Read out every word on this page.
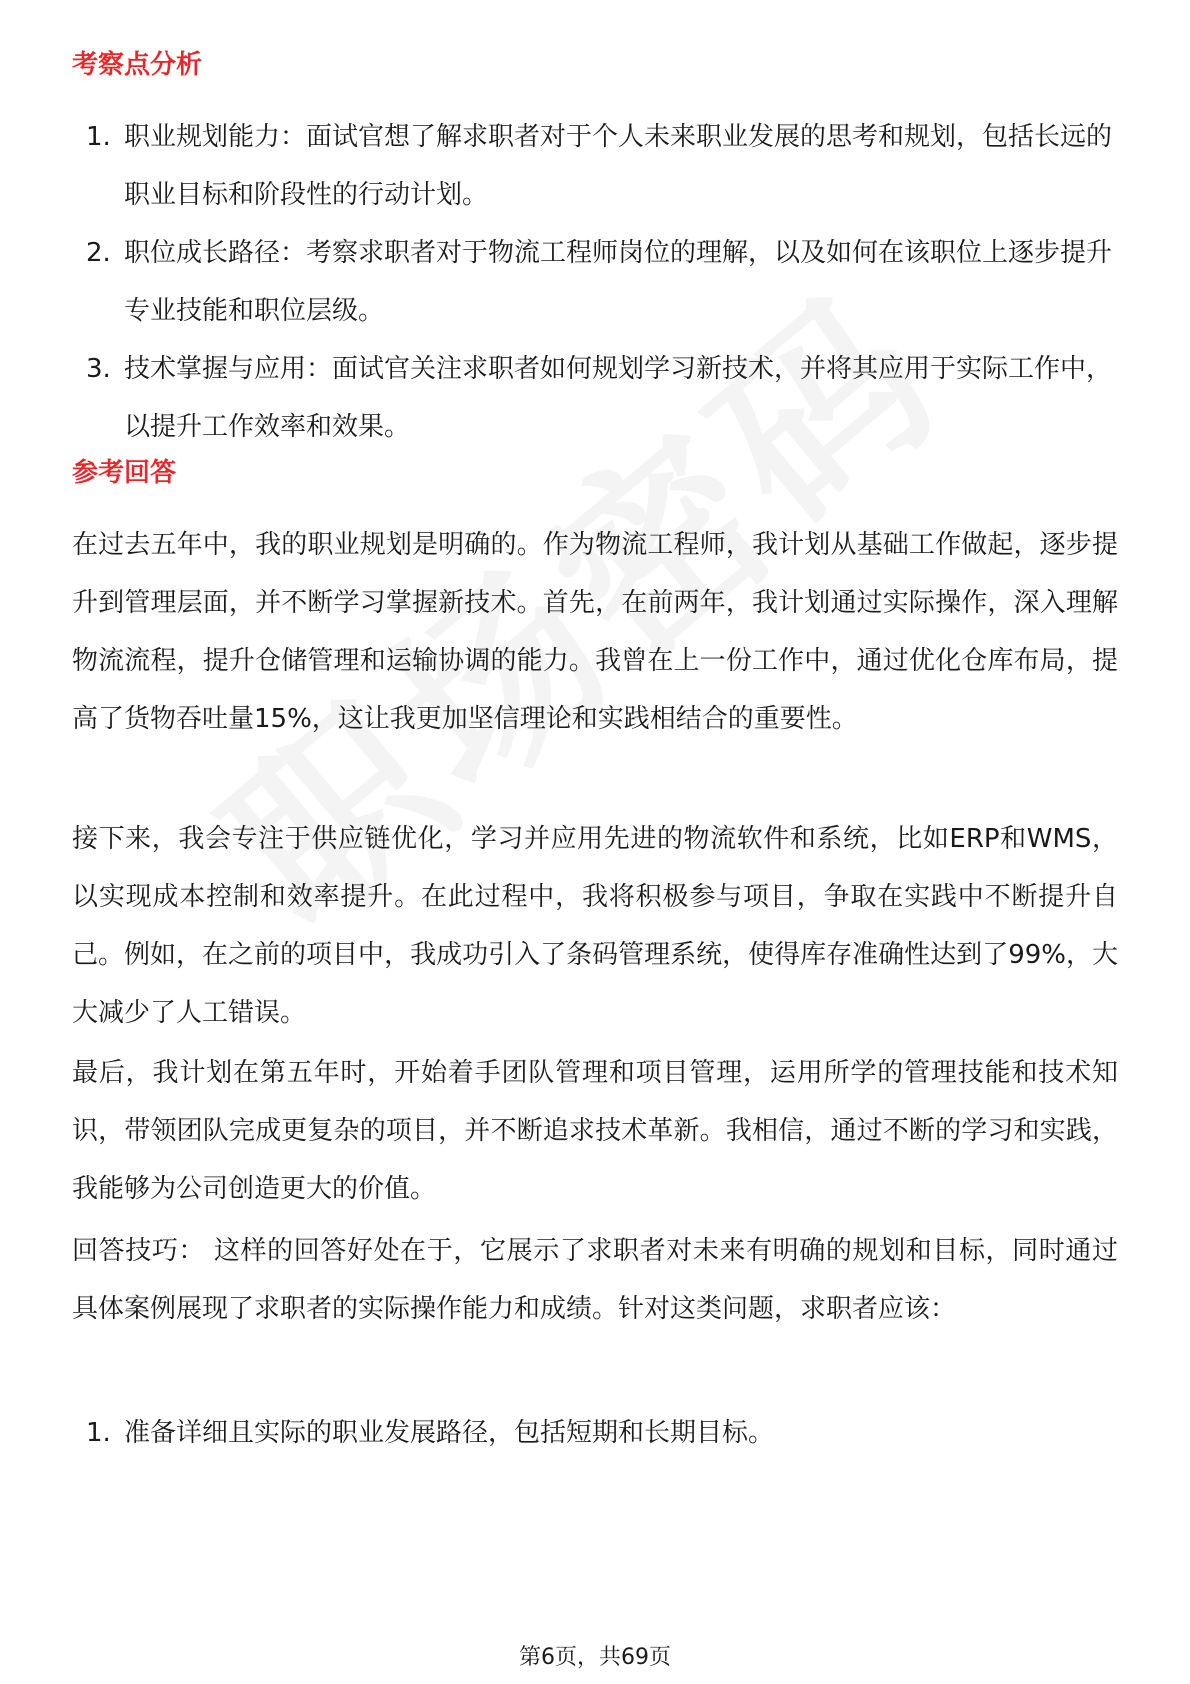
考察点分析
1. 职业规划能力：面试官想了解求职者对于个人未来职业发展的思考和规划，包括长远的职业目标和阶段性的行动计划。
2. 职位成长路径：考察求职者对于物流工程师岗位的理解，以及如何在该职位上逐步提升专业技能和职位层级。
3. 技术掌握与应用：面试官关注求职者如何规划学习新技术，并将其应用于实际工作中，以提升工作效率和效果。
参考回答

在过去五年中，我的职业规划是明确的。作为物流工程师，我计划从基础工作做起，逐步提升到管理层面，并不断学习掌握新技术。首先，在前两年，我计划通过实际操作，深入理解物流流程，提升仓储管理和运输协调的能力。我曾在上一份工作中，通过优化仓库布局，提高了货物吞吐量15%，这让我更加坚信理论和实践相结合的重要性。

接下来，我会专注于供应链优化，学习并应用先进的物流软件和系统，比如ERP和WMS，以实现成本控制和效率提升。在此过程中，我将积极参与项目，争取在实践中不断提升自己。例如，在之前的项目中，我成功引入了条码管理系统，使得库存准确性达到了99%，大大减少了人工错误。

最后，我计划在第五年时，开始着手团队管理和项目管理，运用所学的管理技能和技术知识，带领团队完成更复杂的项目，并不断追求技术革新。我相信，通过不断的学习和实践，我能够为公司创造更大的价值。

回答技巧： 这样的回答好处在于，它展示了求职者对未来有明确的规划和目标，同时通过具体案例展现了求职者的实际操作能力和成绩。针对这类问题，求职者应该：

1. 准备详细且实际的职业发展路径，包括短期和长期目标。
第6页，共69页
